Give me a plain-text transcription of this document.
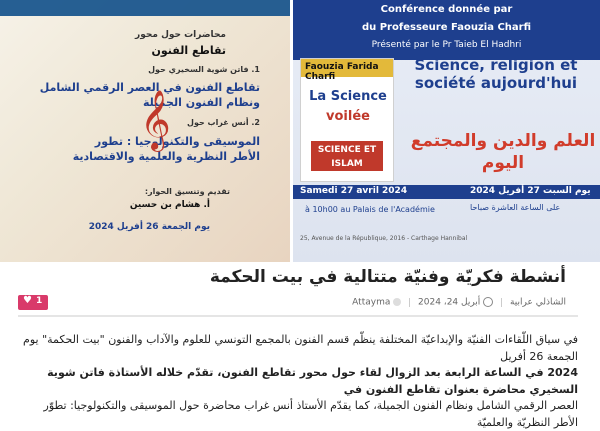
محاضرات حول محور
تقاطع الفنون
1. فاتن شوية السخيري حول
تقاطع الفنون في العصر الرقمي الشامل ونظام الفنون الجميلة
2. أنس غراب حول
الموسيقى والتكنولوجيا : تطور الأطر النظرية والعلمية والاقتصادية
𝄞
تقديم وتنسيق الحوار:
أ. هشام بن حسين
يوم الجمعة 26 أفريل 2024
Conférence donnée par
du Professeure Faouzia Charfi
Présenté par le Pr Taieb El Hadhri
Faouzia Farida Charfi
La Science
voilée
SCIENCE ET ISLAM
Science, religion et société aujourd'hui
العلم والدين والمجتمع اليوم
Samedi 27 avril 2024	يوم السبت 27 أفريل 2024
à 10h00 au Palais de l'Académie	على الساعة العاشرة صباحا
25, Avenue de la République, 2016 - Carthage Hannibal
أنشطة فكريّة وفنيّة متتالية في بيت الحكمة
♥ 1	الشاذلي عرابية |  أبريل 24، 2024 |  Attayma
في سياق اللّقاءات الفنيّة والإبداعيّة المختلفة ينظّم قسم الفنون بالمجمع التونسي للعلوم والآداب والفنون "بيت الحكمة" يوم الجمعة 26 أفريل
2024 في الساعة الرابعة بعد الزوال لقاء حول محور تقاطع الفنون، تقدّم خلاله الأستاذة فاتن شوية السخيري محاضرة بعنوان تقاطع الفنون في
العصر الرقمي الشامل ونظام الفنون الجميلة، كما يقدّم الأستاذ أنس غراب محاضرة حول الموسيقى والتكنولوجيا: تطوّر الأطر النظريّة والعلميّة
